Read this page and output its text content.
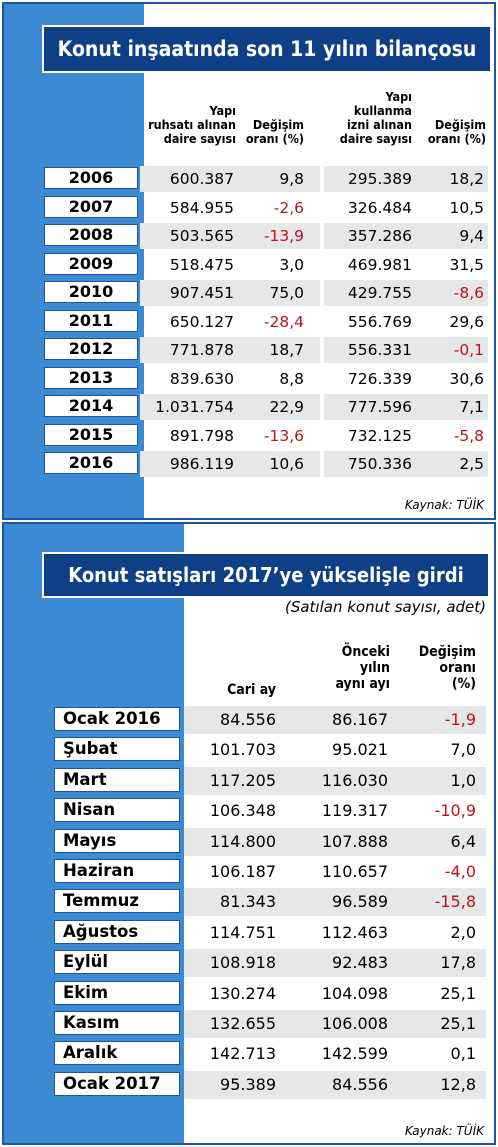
Konut inşaatında son 11 yılın bilançosu
Yapı
ruhsatı alınan
daire sayısı
Değişim
oranı (%)
Yapı
kullanma
izni alınan
daire sayısı
Değişim
oranı (%)
2006	600.387	9,8	295.389	18,2
2007	584.955	-2,6	326.484	10,5
2008	503.565	-13,9	357.286	9,4
2009	518.475	3,0	469.981	31,5
2010	907.451	75,0	429.755	-8,6
2011	650.127	-28,4	556.769	29,6
2012	771.878	18,7	556.331	-0,1
2013	839.630	8,8	726.339	30,6
2014	1.031.754	22,9	777.596	7,1
2015	891.798	-13,6	732.125	-5,8
2016	986.119	10,6	750.336	2,5
Kaynak: TÜİK
Konut satışları 2017’ye yükselişle girdi
(Satılan konut sayısı, adet)
Cari ay
Önceki
yılın
aynı ayı
Değişim
oranı
(%)
Ocak 2016	84.556	86.167	-1,9
Şubat	101.703	95.021	7,0
Mart	117.205	116.030	1,0
Nisan	106.348	119.317	-10,9
Mayıs	114.800	107.888	6,4
Haziran	106.187	110.657	-4,0
Temmuz	81.343	96.589	-15,8
Ağustos	114.751	112.463	2,0
Eylül	108.918	92.483	17,8
Ekim	130.274	104.098	25,1
Kasım	132.655	106.008	25,1
Aralık	142.713	142.599	0,1
Ocak 2017	95.389	84.556	12,8
Kaynak: TÜİK
